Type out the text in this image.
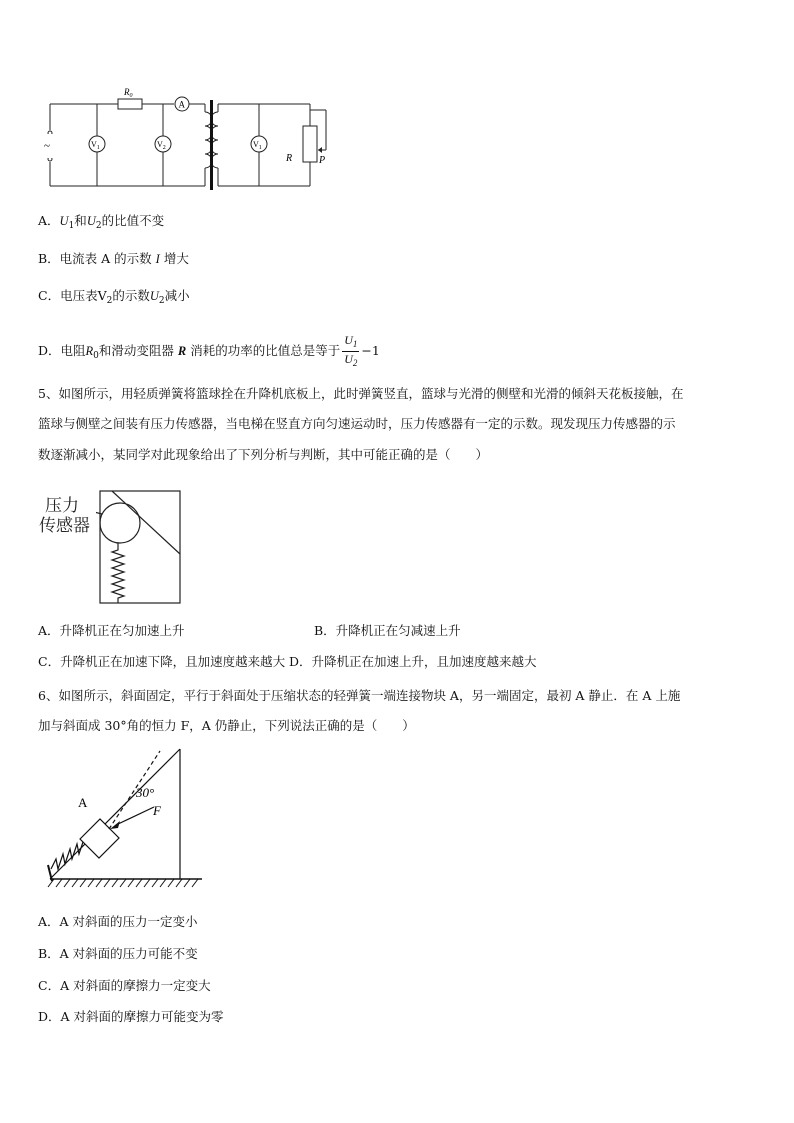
~
$R_0$
A
$V_1$	$V_2$	$V_1$
R	P
A．$U_1$和$U_2$的比值不变
B．电流表 A 的示数 I 增大
C．电压表$V_2$的示数$U_2$减小
D．电阻$R_0$和滑动变阻器 R 消耗的功率的比值总是等于 $\frac{U_1}{U_2} -1$
5、如图所示，用轻质弹簧将篮球拴在升降机底板上，此时弹簧竖直，篮球与光滑的侧壁和光滑的倾斜天花板接触，在
篮球与侧壁之间装有压力传感器，当电梯在竖直方向匀速运动时，压力传感器有一定的示数。现发现压力传感器的示
数逐渐减小，某同学对此现象给出了下列分析与判断，其中可能正确的是（　　）
压力
传感器
A．升降机正在匀加速上升	B．升降机正在匀减速上升
C．升降机正在加速下降，且加速度越来越大 D．升降机正在加速上升，且加速度越来越大
6、如图所示，斜面固定，平行于斜面处于压缩状态的轻弹簧一端连接物块 A，另一端固定，最初 A 静止．在 A 上施
加与斜面成 30°角的恒力 F，A 仍静止，下列说法正确的是（　　）
A
30°
F
A．A 对斜面的压力一定变小
B．A 对斜面的压力可能不变
C．A 对斜面的摩擦力一定变大
D．A 对斜面的摩擦力可能变为零
